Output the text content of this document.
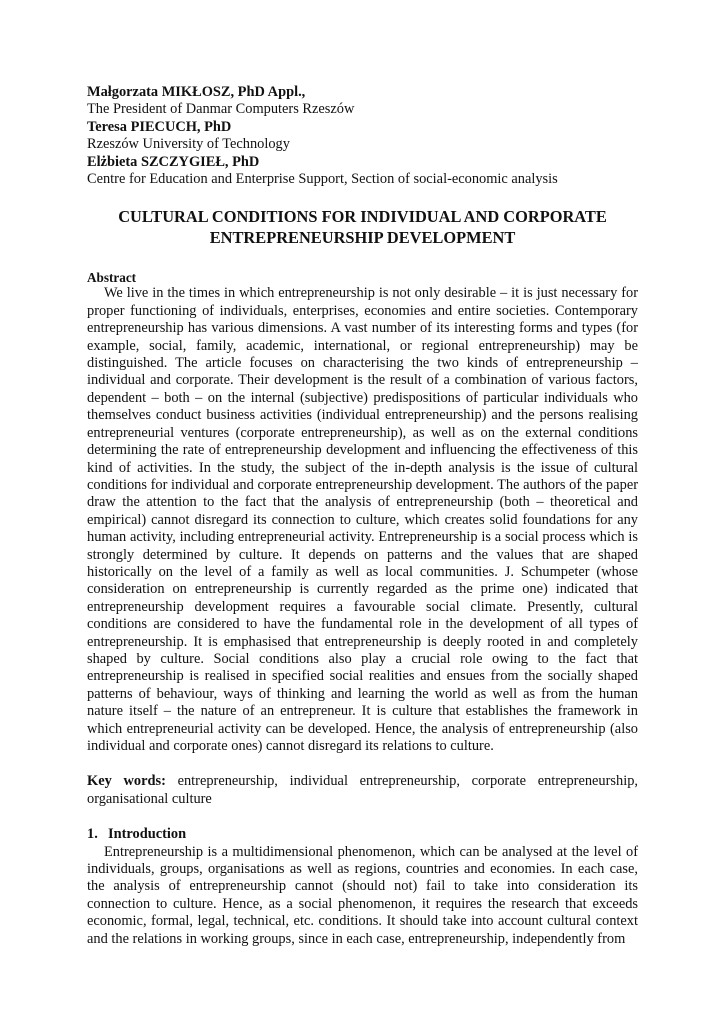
Małgorzata MIKŁOSZ, PhD Appl.,
The President of Danmar Computers Rzeszów
Teresa PIECUCH, PhD
Rzeszów University of Technology
Elżbieta SZCZYGIEŁ, PhD
Centre for Education and Enterprise Support, Section of social-economic analysis
CULTURAL CONDITIONS FOR INDIVIDUAL AND CORPORATE
ENTREPRENEURSHIP DEVELOPMENT
Abstract

We live in the times in which entrepreneurship is not only desirable – it is just necessary for proper functioning of individuals, enterprises, economies and entire societies. Contemporary entrepreneurship has various dimensions. A vast number of its interesting forms and types (for example, social, family, academic, international, or regional entrepreneurship) may be distinguished. The article focuses on characterising the two kinds of entrepreneurship – individual and corporate. Their development is the result of a combination of various factors, dependent – both – on the internal (subjective) predispositions of particular individuals who themselves conduct business activities (individual entrepreneurship) and the persons realising entrepreneurial ventures (corporate entrepreneurship), as well as on the external conditions determining the rate of entrepreneurship development and influencing the effectiveness of this kind of activities. In the study, the subject of the in-depth analysis is the issue of cultural conditions for individual and corporate entrepreneurship development. The authors of the paper draw the attention to the fact that the analysis of entrepreneurship (both – theoretical and empirical) cannot disregard its connection to culture, which creates solid foundations for any human activity, including entrepreneurial activity. Entrepreneurship is a social process which is strongly determined by culture. It depends on patterns and the values that are shaped historically on the level of a family as well as local communities. J. Schumpeter (whose consideration on entrepreneurship is currently regarded as the prime one) indicated that entrepreneurship development requires a favourable social climate. Presently, cultural conditions are considered to have the fundamental role in the development of all types of entrepreneurship. It is emphasised that entrepreneurship is deeply rooted in and completely shaped by culture. Social conditions also play a crucial role owing to the fact that entrepreneurship is realised in specified social realities and ensues from the socially shaped patterns of behaviour, ways of thinking and learning the world as well as from the human nature itself – the nature of an entrepreneur. It is culture that establishes the framework in which entrepreneurial activity can be developed. Hence, the analysis of entrepreneurship (also individual and corporate ones) cannot disregard its relations to culture.

Key words: entrepreneurship, individual entrepreneurship, corporate entrepreneurship, organisational culture

1. Introduction

Entrepreneurship is a multidimensional phenomenon, which can be analysed at the level of individuals, groups, organisations as well as regions, countries and economies. In each case, the analysis of entrepreneurship cannot (should not) fail to take into consideration its connection to culture. Hence, as a social phenomenon, it requires the research that exceeds economic, formal, legal, technical, etc. conditions. It should take into account cultural context and the relations in working groups, since in each case, entrepreneurship, independently from
